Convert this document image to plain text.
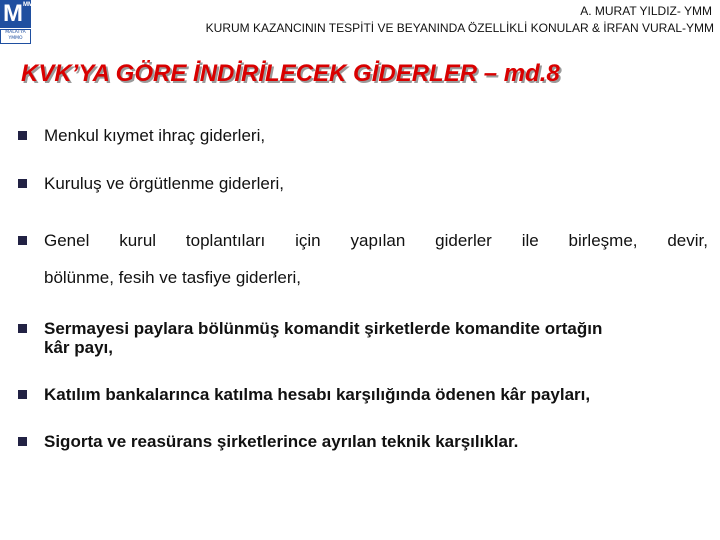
M MM
MALATYA YMMO
A. MURAT YILDIZ- YMM
KURUM KAZANCININ TESPİTİ VE BEYANINDA ÖZELLİKLİ KONULAR & İRFAN VURAL-YMM
KVK’YA GÖRE İNDİRİLECEK GİDERLER – md.8
Menkul kıymet ihraç giderleri,
Kuruluş ve örgütlenme giderleri,
Genel kurul toplantıları için yapılan giderler ile birleşme, devir,
bölünme, fesih ve tasfiye giderleri,
Sermayesi paylara bölünmüş komandit şirketlerde komandite ortağın
kâr payı,
Katılım bankalarınca katılma hesabı karşılığında ödenen kâr payları,
Sigorta ve reasürans şirketlerince ayrılan teknik karşılıklar.
